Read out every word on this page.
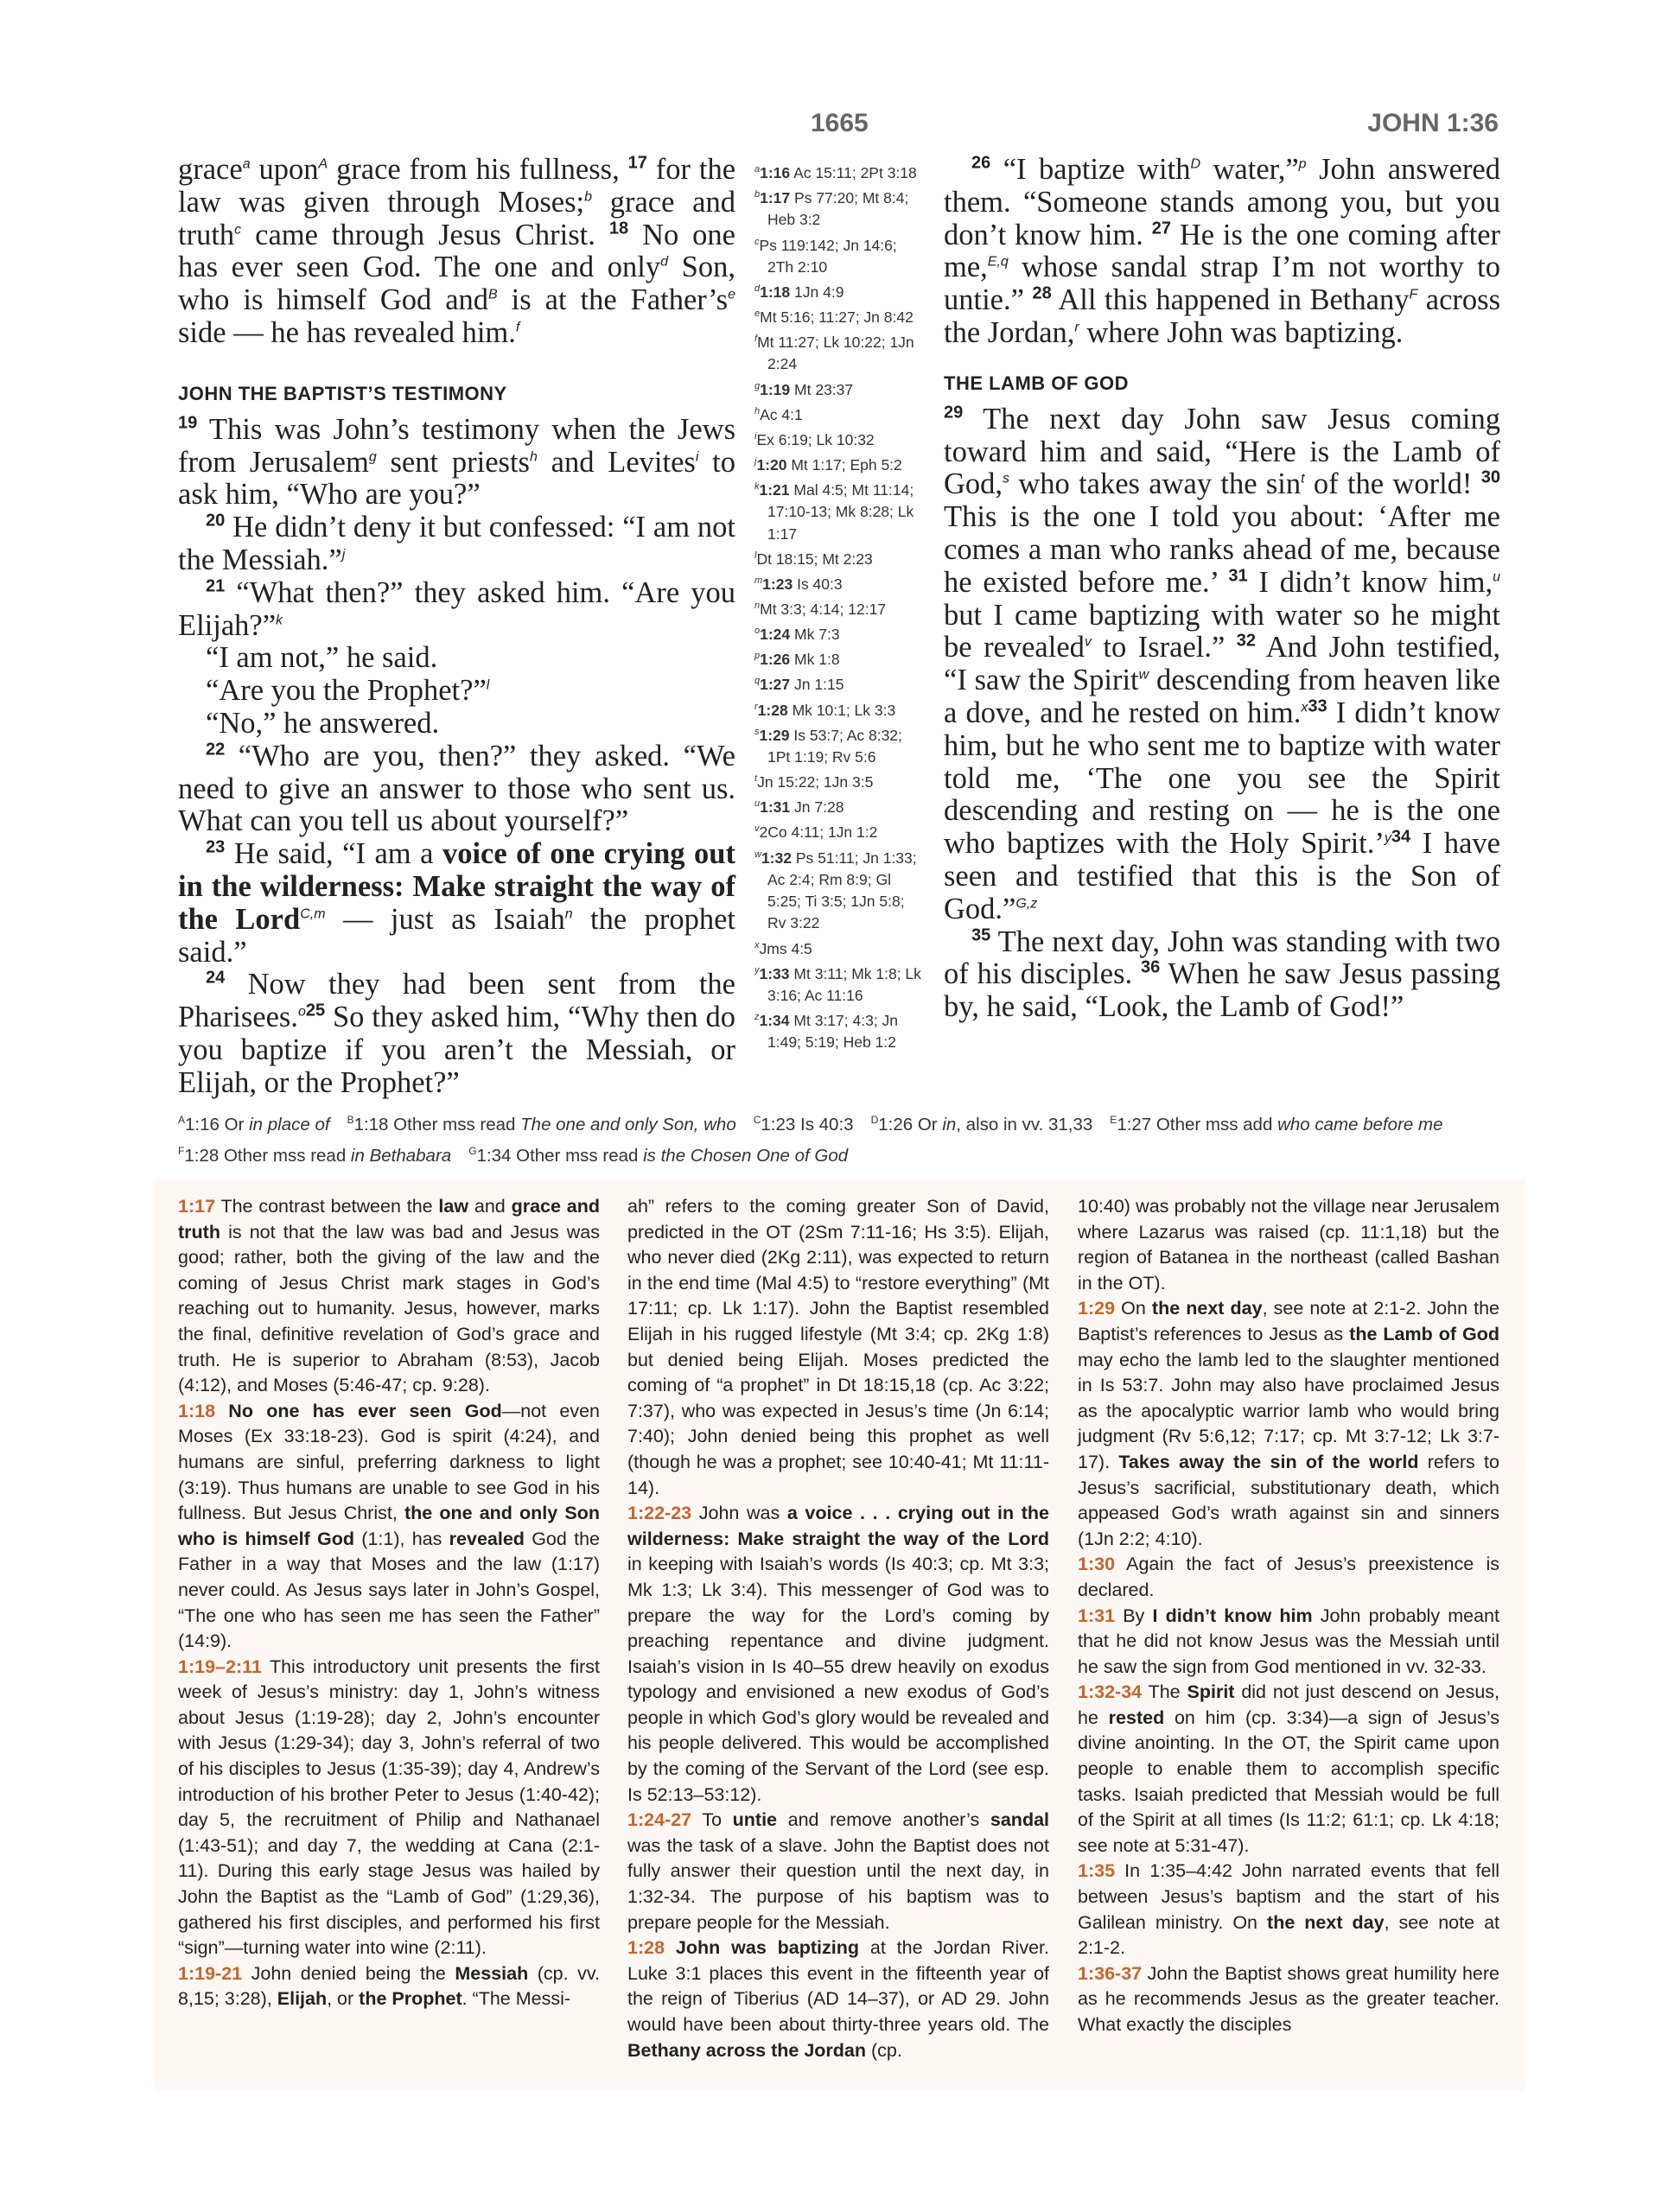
1665	JOHN 1:36

grace$^a$ upon$^A$ grace from his fullness, $^{17}$ for the law was given through Moses;$^b$ grace and truth$^c$ came through Jesus Christ. $^{18}$ No one has ever seen God. The one and only$^d$ Son, who is himself God and$^B$ is at the Father’s$^e$ side — he has revealed him.$^f$

JOHN THE BAPTIST’S TESTIMONY

$^{19}$ This was John’s testimony when the Jews from Jerusalem$^g$ sent priests$^h$ and Levites$^i$ to ask him, “Who are you?”

$^{20}$ He didn’t deny it but confessed: “I am not the Messiah.”$^j$

$^{21}$ “What then?” they asked him. “Are you Elijah?”$^k$

“I am not,” he said.

“Are you the Prophet?”$^l$

“No,” he answered.

$^{22}$ “Who are you, then?” they asked. “We need to give an answer to those who sent us. What can you tell us about yourself?”

$^{23}$ He said, “I am a voice of one crying out in the wilderness: Make straight the way of the Lord$^{C,m}$ — just as Isaiah$^n$ the prophet said.”

$^{24}$ Now they had been sent from the Pharisees.$^{o25}$ So they asked him, “Why then do you baptize if you aren’t the Messiah, or Elijah, or the Prophet?”

$^a$1:16 Ac 15:11; 2Pt 3:18
$^b$1:17 Ps 77:20; Mt 8:4; Heb 3:2
$^c$Ps 119:142; Jn 14:6; 2Th 2:10
$^d$1:18 1Jn 4:9
$^e$Mt 5:16; 11:27; Jn 8:42
$^f$Mt 11:27; Lk 10:22; 1Jn 2:24
$^g$1:19 Mt 23:37
$^h$Ac 4:1
$^i$Ex 6:19; Lk 10:32
$^j$1:20 Mt 1:17; Eph 5:2
$^k$1:21 Mal 4:5; Mt 11:14; 17:10-13; Mk 8:28; Lk 1:17
$^l$Dt 18:15; Mt 2:23
$^m$1:23 Is 40:3
$^n$Mt 3:3; 4:14; 12:17
$^o$1:24 Mk 7:3
$^p$1:26 Mk 1:8
$^q$1:27 Jn 1:15
$^r$1:28 Mk 10:1; Lk 3:3
$^s$1:29 Is 53:7; Ac 8:32; 1Pt 1:19; Rv 5:6
$^t$Jn 15:22; 1Jn 3:5
$^u$1:31 Jn 7:28
$^v$2Co 4:11; 1Jn 1:2
$^w$1:32 Ps 51:11; Jn 1:33; Ac 2:4; Rm 8:9; Gl 5:25; Ti 3:5; 1Jn 5:8; Rv 3:22
$^x$Jms 4:5
$^y$1:33 Mt 3:11; Mk 1:8; Lk 3:16; Ac 11:16
$^z$1:34 Mt 3:17; 4:3; Jn 1:49; 5:19; Heb 1:2

$^{26}$ “I baptize with$^D$ water,”$^p$ John answered them. “Someone stands among you, but you don’t know him. $^{27}$ He is the one coming after me,$^{E,q}$ whose sandal strap I’m not worthy to untie.” $^{28}$ All this happened in Bethany$^F$ across the Jordan,$^r$ where John was baptizing.

THE LAMB OF GOD

$^{29}$ The next day John saw Jesus coming toward him and said, “Here is the Lamb of God,$^s$ who takes away the sin$^t$ of the world! $^{30}$ This is the one I told you about: ‘After me comes a man who ranks ahead of me, because he existed before me.’ $^{31}$ I didn’t know him,$^u$ but I came baptizing with water so he might be revealed$^v$ to Israel.” $^{32}$ And John testified, “I saw the Spirit$^w$ descending from heaven like a dove, and he rested on him.$^{x33}$ I didn’t know him, but he who sent me to baptize with water told me, ‘The one you see the Spirit descending and resting on — he is the one who baptizes with the Holy Spirit.’$^{y34}$ I have seen and testified that this is the Son of God.”$^{G,z}$

$^{35}$ The next day, John was standing with two of his disciples. $^{36}$ When he saw Jesus passing by, he said, “Look, the Lamb of God!”

$^A$1:16 Or in place of $^B$1:18 Other mss read The one and only Son, who $^C$1:23 Is 40:3 $^D$1:26 Or in, also in vv. 31,33 $^E$1:27 Other mss add who came before me
$^F$1:28 Other mss read in Bethabara $^G$1:34 Other mss read is the Chosen One of God
1:17 The contrast between the law and grace and truth is not that the law was bad and Jesus was good; rather, both the giving of the law and the coming of Jesus Christ mark stages in God’s reaching out to humanity. Jesus, however, marks the final, definitive revelation of God’s grace and truth. He is superior to Abraham (8:53), Jacob (4:12), and Moses (5:46-47; cp. 9:28).
1:18 No one has ever seen God—not even Moses (Ex 33:18-23). God is spirit (4:24), and humans are sinful, preferring darkness to light (3:19). Thus humans are unable to see God in his fullness. But Jesus Christ, the one and only Son who is himself God (1:1), has revealed God the Father in a way that Moses and the law (1:17) never could. As Jesus says later in John’s Gospel, “The one who has seen me has seen the Father” (14:9).
1:19–2:11 This introductory unit presents the first week of Jesus’s ministry: day 1, John’s witness about Jesus (1:19-28); day 2, John’s encounter with Jesus (1:29-34); day 3, John’s referral of two of his disciples to Jesus (1:35-39); day 4, Andrew’s introduction of his brother Peter to Jesus (1:40-42); day 5, the recruitment of Philip and Nathanael (1:43-51); and day 7, the wedding at Cana (2:1-11). During this early stage Jesus was hailed by John the Baptist as the “Lamb of God” (1:29,36), gathered his first disciples, and performed his first “sign”—turning water into wine (2:11).
1:19-21 John denied being the Messiah (cp. vv. 8,15; 3:28), Elijah, or the Prophet. “The Messi-
ah” refers to the coming greater Son of David, predicted in the OT (2Sm 7:11-16; Hs 3:5). Elijah, who never died (2Kg 2:11), was expected to return in the end time (Mal 4:5) to “restore everything” (Mt 17:11; cp. Lk 1:17). John the Baptist resembled Elijah in his rugged lifestyle (Mt 3:4; cp. 2Kg 1:8) but denied being Elijah. Moses predicted the coming of “a prophet” in Dt 18:15,18 (cp. Ac 3:22; 7:37), who was expected in Jesus’s time (Jn 6:14; 7:40); John denied being this prophet as well (though he was a prophet; see 10:40-41; Mt 11:11-14).
1:22-23 John was a voice . . . crying out in the wilderness: Make straight the way of the Lord in keeping with Isaiah’s words (Is 40:3; cp. Mt 3:3; Mk 1:3; Lk 3:4). This messenger of God was to prepare the way for the Lord’s coming by preaching repentance and divine judgment. Isaiah’s vision in Is 40–55 drew heavily on exodus typology and envisioned a new exodus of God’s people in which God’s glory would be revealed and his people delivered. This would be accomplished by the coming of the Servant of the Lord (see esp. Is 52:13–53:12).
1:24-27 To untie and remove another’s sandal was the task of a slave. John the Baptist does not fully answer their question until the next day, in 1:32-34. The purpose of his baptism was to prepare people for the Messiah.
1:28 John was baptizing at the Jordan River. Luke 3:1 places this event in the fifteenth year of the reign of Tiberius (AD 14–37), or AD 29. John would have been about thirty-three years old. The Bethany across the Jordan (cp.
10:40) was probably not the village near Jerusalem where Lazarus was raised (cp. 11:1,18) but the region of Batanea in the northeast (called Bashan in the OT).
1:29 On the next day, see note at 2:1-2. John the Baptist’s references to Jesus as the Lamb of God may echo the lamb led to the slaughter mentioned in Is 53:7. John may also have proclaimed Jesus as the apocalyptic warrior lamb who would bring judgment (Rv 5:6,12; 7:17; cp. Mt 3:7-12; Lk 3:7-17). Takes away the sin of the world refers to Jesus’s sacrificial, substitutionary death, which appeased God’s wrath against sin and sinners (1Jn 2:2; 4:10).
1:30 Again the fact of Jesus’s preexistence is declared.
1:31 By I didn’t know him John probably meant that he did not know Jesus was the Messiah until he saw the sign from God mentioned in vv. 32-33.
1:32-34 The Spirit did not just descend on Jesus, he rested on him (cp. 3:34)—a sign of Jesus’s divine anointing. In the OT, the Spirit came upon people to enable them to accomplish specific tasks. Isaiah predicted that Messiah would be full of the Spirit at all times (Is 11:2; 61:1; cp. Lk 4:18; see note at 5:31-47).
1:35 In 1:35–4:42 John narrated events that fell between Jesus’s baptism and the start of his Galilean ministry. On the next day, see note at 2:1-2.
1:36-37 John the Baptist shows great humility here as he recommends Jesus as the greater teacher. What exactly the disciples
